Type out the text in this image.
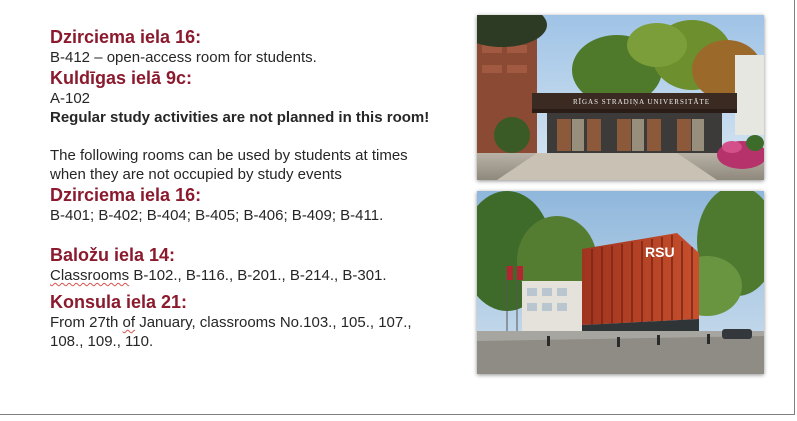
Dzirciema iela 16:

B-412 – open-access room for students.

Kuldīgas ielā 9c:

A-102

Regular study activities are not planned in this room!

The following rooms can be used by students at times

when they are not occupied by study events

Dzirciema iela 16:

B-401; B-402; B-404; B-405; B-406; B-409; B-411.

Baložu iela 14:

Classrooms B-102., B-116., B-201., B-214., B-301.

Konsula iela 21:

From 27th of January, classrooms No.103., 105., 107.,

108., 109., 110.

RĪGAS STRADIŅA UNIVERSITĀTE
RSU
